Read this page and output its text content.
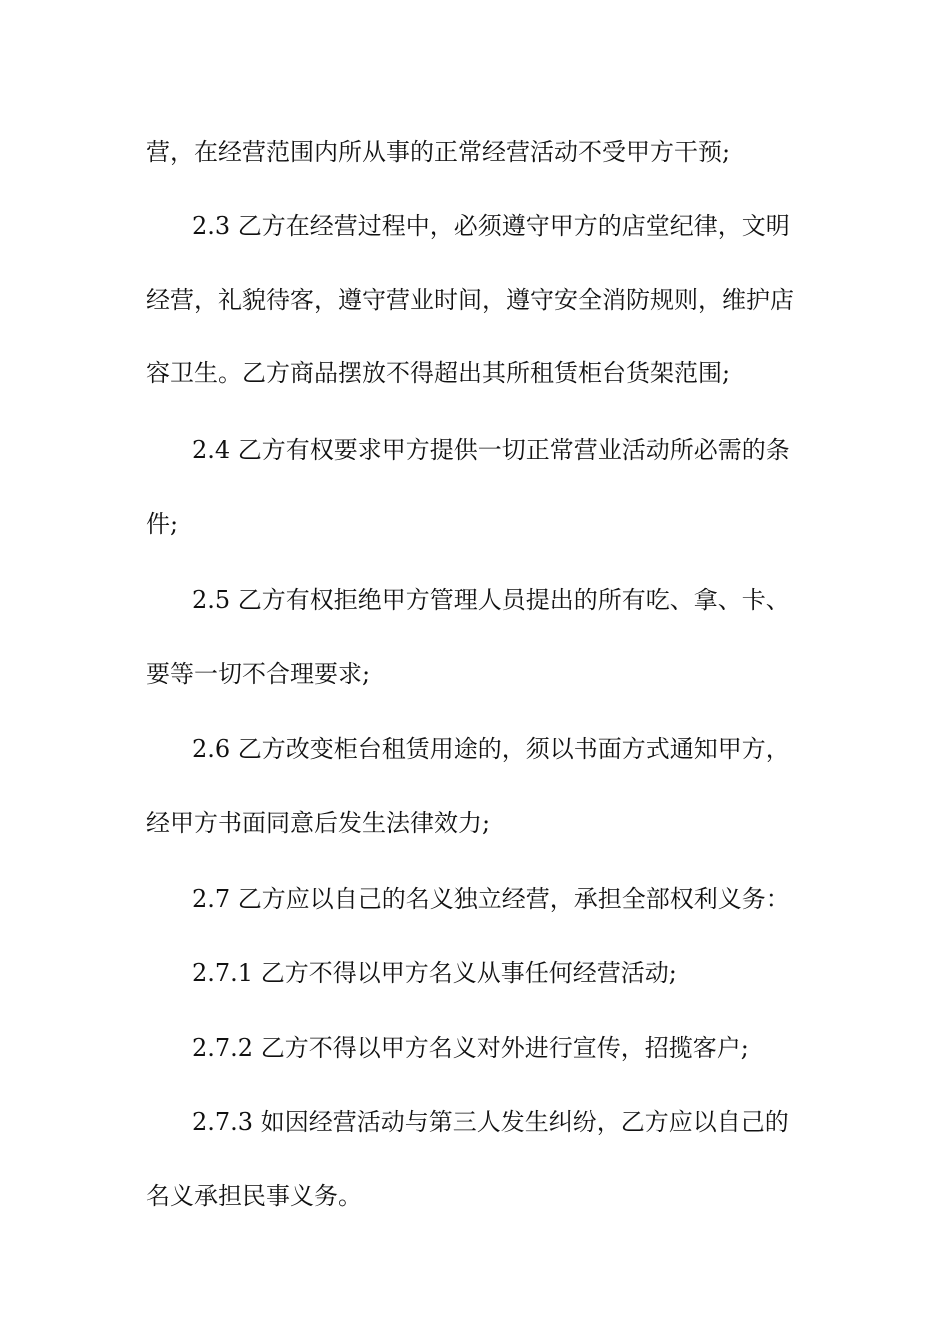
营，在经营范围内所从事的正常经营活动不受甲方干预;
2.3 乙方在经营过程中，必须遵守甲方的店堂纪律，文明
经营，礼貌待客，遵守营业时间，遵守安全消防规则，维护店
容卫生。乙方商品摆放不得超出其所租赁柜台货架范围;
2.4 乙方有权要求甲方提供一切正常营业活动所必需的条
件;
2.5 乙方有权拒绝甲方管理人员提出的所有吃、拿、卡、
要等一切不合理要求;
2.6 乙方改变柜台租赁用途的，须以书面方式通知甲方，
经甲方书面同意后发生法律效力;
2.7 乙方应以自己的名义独立经营，承担全部权利义务：
2.7.1 乙方不得以甲方名义从事任何经营活动;
2.7.2 乙方不得以甲方名义对外进行宣传，招揽客户;
2.7.3 如因经营活动与第三人发生纠纷，乙方应以自己的
名义承担民事义务。
